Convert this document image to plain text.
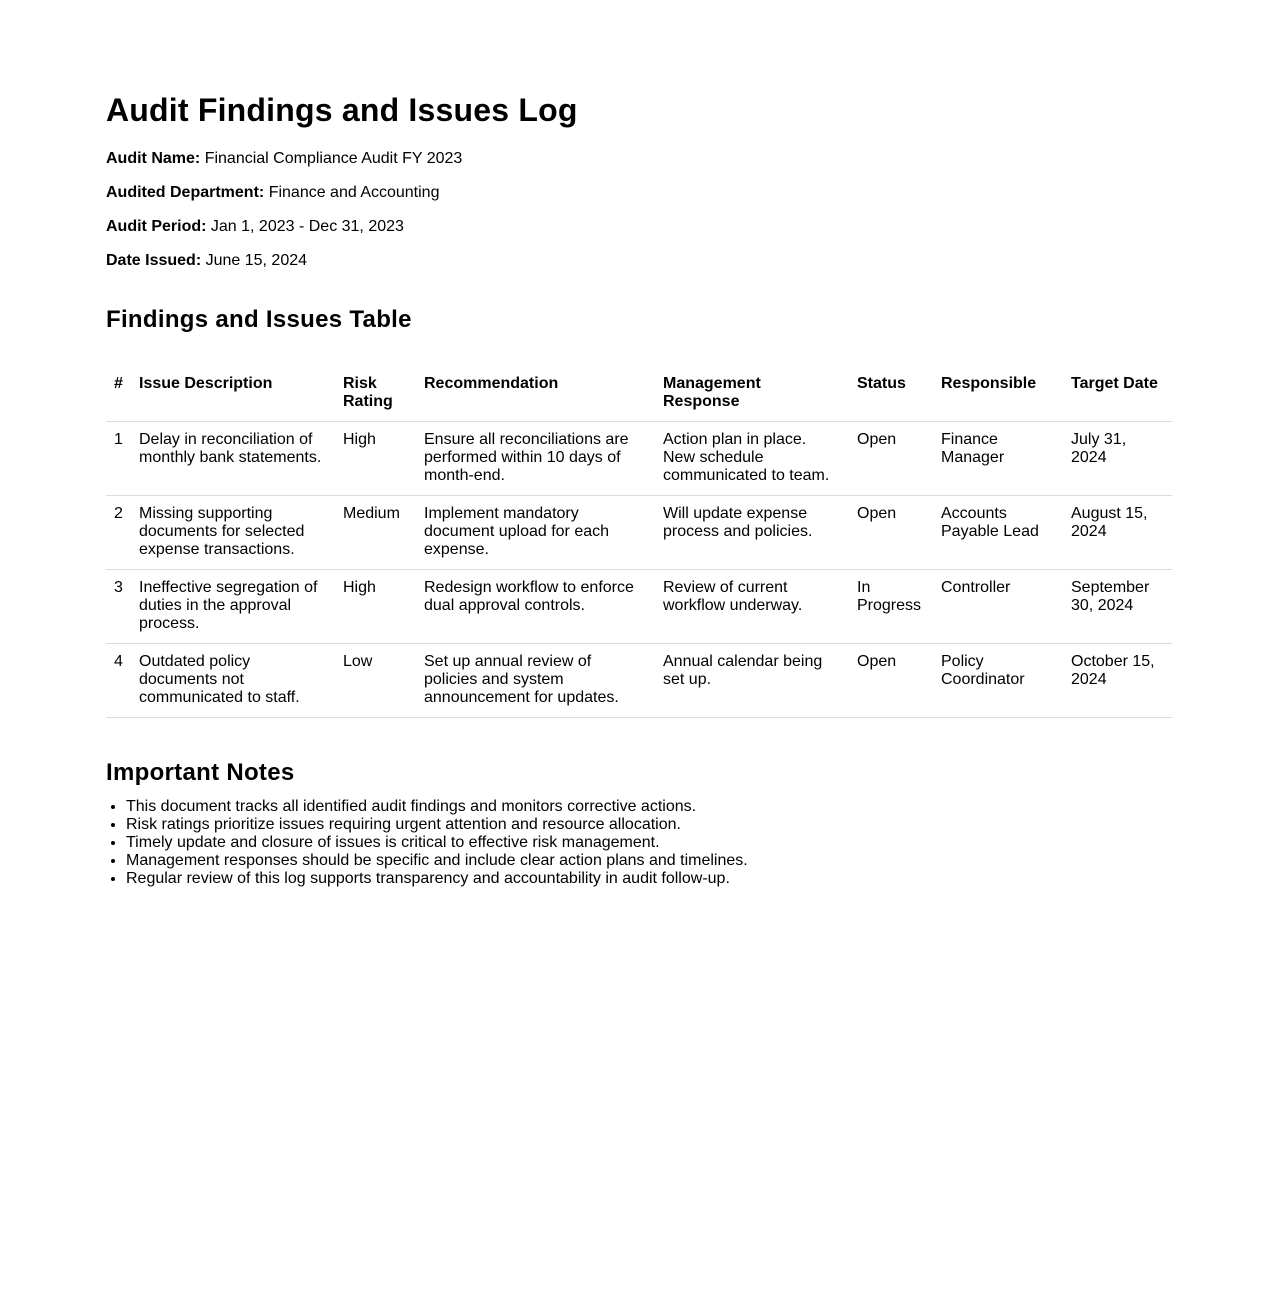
Audit Findings and Issues Log

Audit Name: Financial Compliance Audit FY 2023

Audited Department: Finance and Accounting

Audit Period: Jan 1, 2023 - Dec 31, 2023

Date Issued: June 15, 2024

Findings and Issues Table
#	Issue Description	Risk Rating	Recommendation	Management Response	Status	Responsible	Target Date
1	Delay in reconciliation of monthly bank statements.	High	Ensure all reconciliations are performed within 10 days of month-end.	Action plan in place. New schedule communicated to team.	Open	Finance Manager	July 31, 2024
2	Missing supporting documents for selected expense transactions.	Medium	Implement mandatory document upload for each expense.	Will update expense process and policies.	Open	Accounts Payable Lead	August 15, 2024
3	Ineffective segregation of duties in the approval process.	High	Redesign workflow to enforce dual approval controls.	Review of current workflow underway.	In Progress	Controller	September 30, 2024
4	Outdated policy documents not communicated to staff.	Low	Set up annual review of policies and system announcement for updates.	Annual calendar being set up.	Open	Policy Coordinator	October 15, 2024
Important Notes
• This document tracks all identified audit findings and monitors corrective actions.
• Risk ratings prioritize issues requiring urgent attention and resource allocation.
• Timely update and closure of issues is critical to effective risk management.
• Management responses should be specific and include clear action plans and timelines.
• Regular review of this log supports transparency and accountability in audit follow-up.
